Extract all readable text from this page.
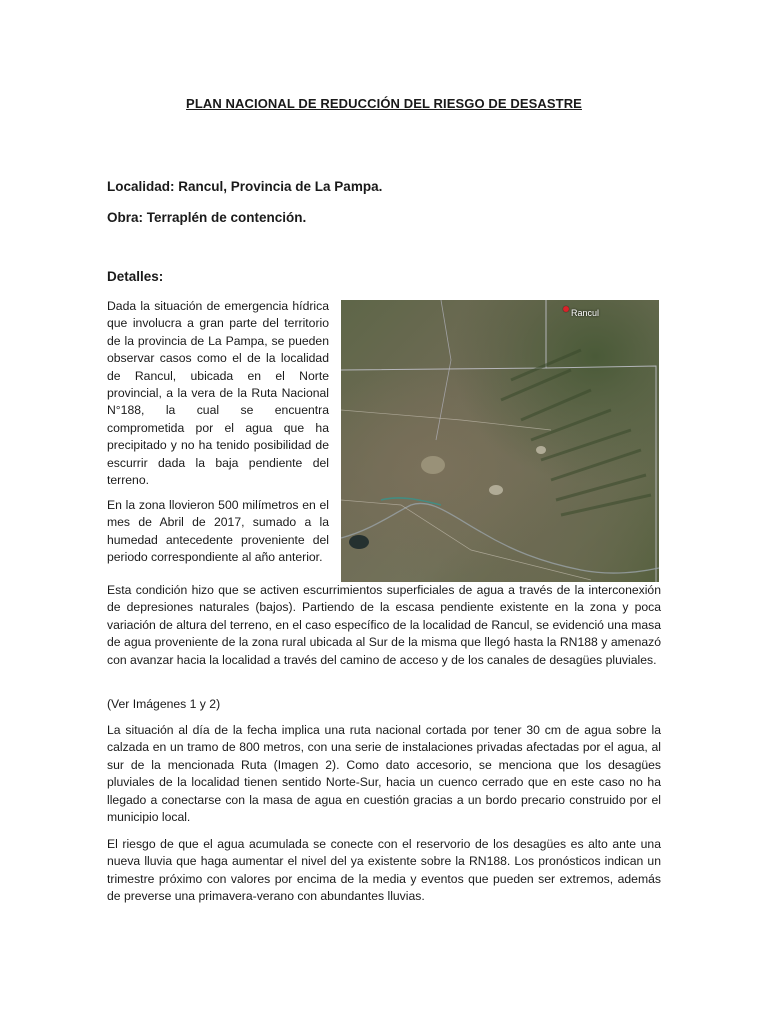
PLAN NACIONAL DE REDUCCIÓN DEL RIESGO DE DESASTRE
Localidad: Rancul, Provincia de La Pampa.
Obra: Terraplén de contención.
Detalles:

Dada la situación de emergencia hídrica que involucra a gran parte del territorio de la provincia de La Pampa, se pueden observar casos como el de la localidad de Rancul, ubicada en el Norte provincial, a la vera de la Ruta Nacional N°188, la cual se encuentra comprometida por el agua que ha precipitado y no ha tenido posibilidad de escurrir dada la baja pendiente del terreno.

En la zona llovieron 500 milímetros en el mes de Abril de 2017, sumado a la humedad antecedente proveniente del periodo correspondiente al año anterior.

Esta condición hizo que se activen escurrimientos superficiales de agua a través de la interconexión de depresiones naturales (bajos). Partiendo de la escasa pendiente existente en la zona y poca variación de altura del terreno, en el caso específico de la localidad de Rancul, se evidenció una masa de agua proveniente de la zona rural ubicada al Sur de la misma que llegó hasta la RN188 y amenazó con avanzar hacia la localidad a través del camino de acceso y de los canales de desagües pluviales.

(Ver Imágenes 1 y 2)

La situación al día de la fecha implica una ruta nacional cortada por tener 30 cm de agua sobre la calzada en un tramo de 800 metros, con una serie de instalaciones privadas afectadas por el agua, al sur de la mencionada Ruta (Imagen 2). Como dato accesorio, se menciona que los desagües pluviales de la localidad tienen sentido Norte-Sur, hacia un cuenco cerrado que en este caso no ha llegado a conectarse con la masa de agua en cuestión gracias a un bordo precario construido por el municipio local.

El riesgo de que el agua acumulada se conecte con el reservorio de los desagües es alto ante una nueva lluvia que haga aumentar el nivel del ya existente sobre la RN188. Los pronósticos indican un trimestre próximo con valores por encima de la media y eventos que pueden ser extremos, además de preverse una primavera-verano con abundantes lluvias.

Rancul
